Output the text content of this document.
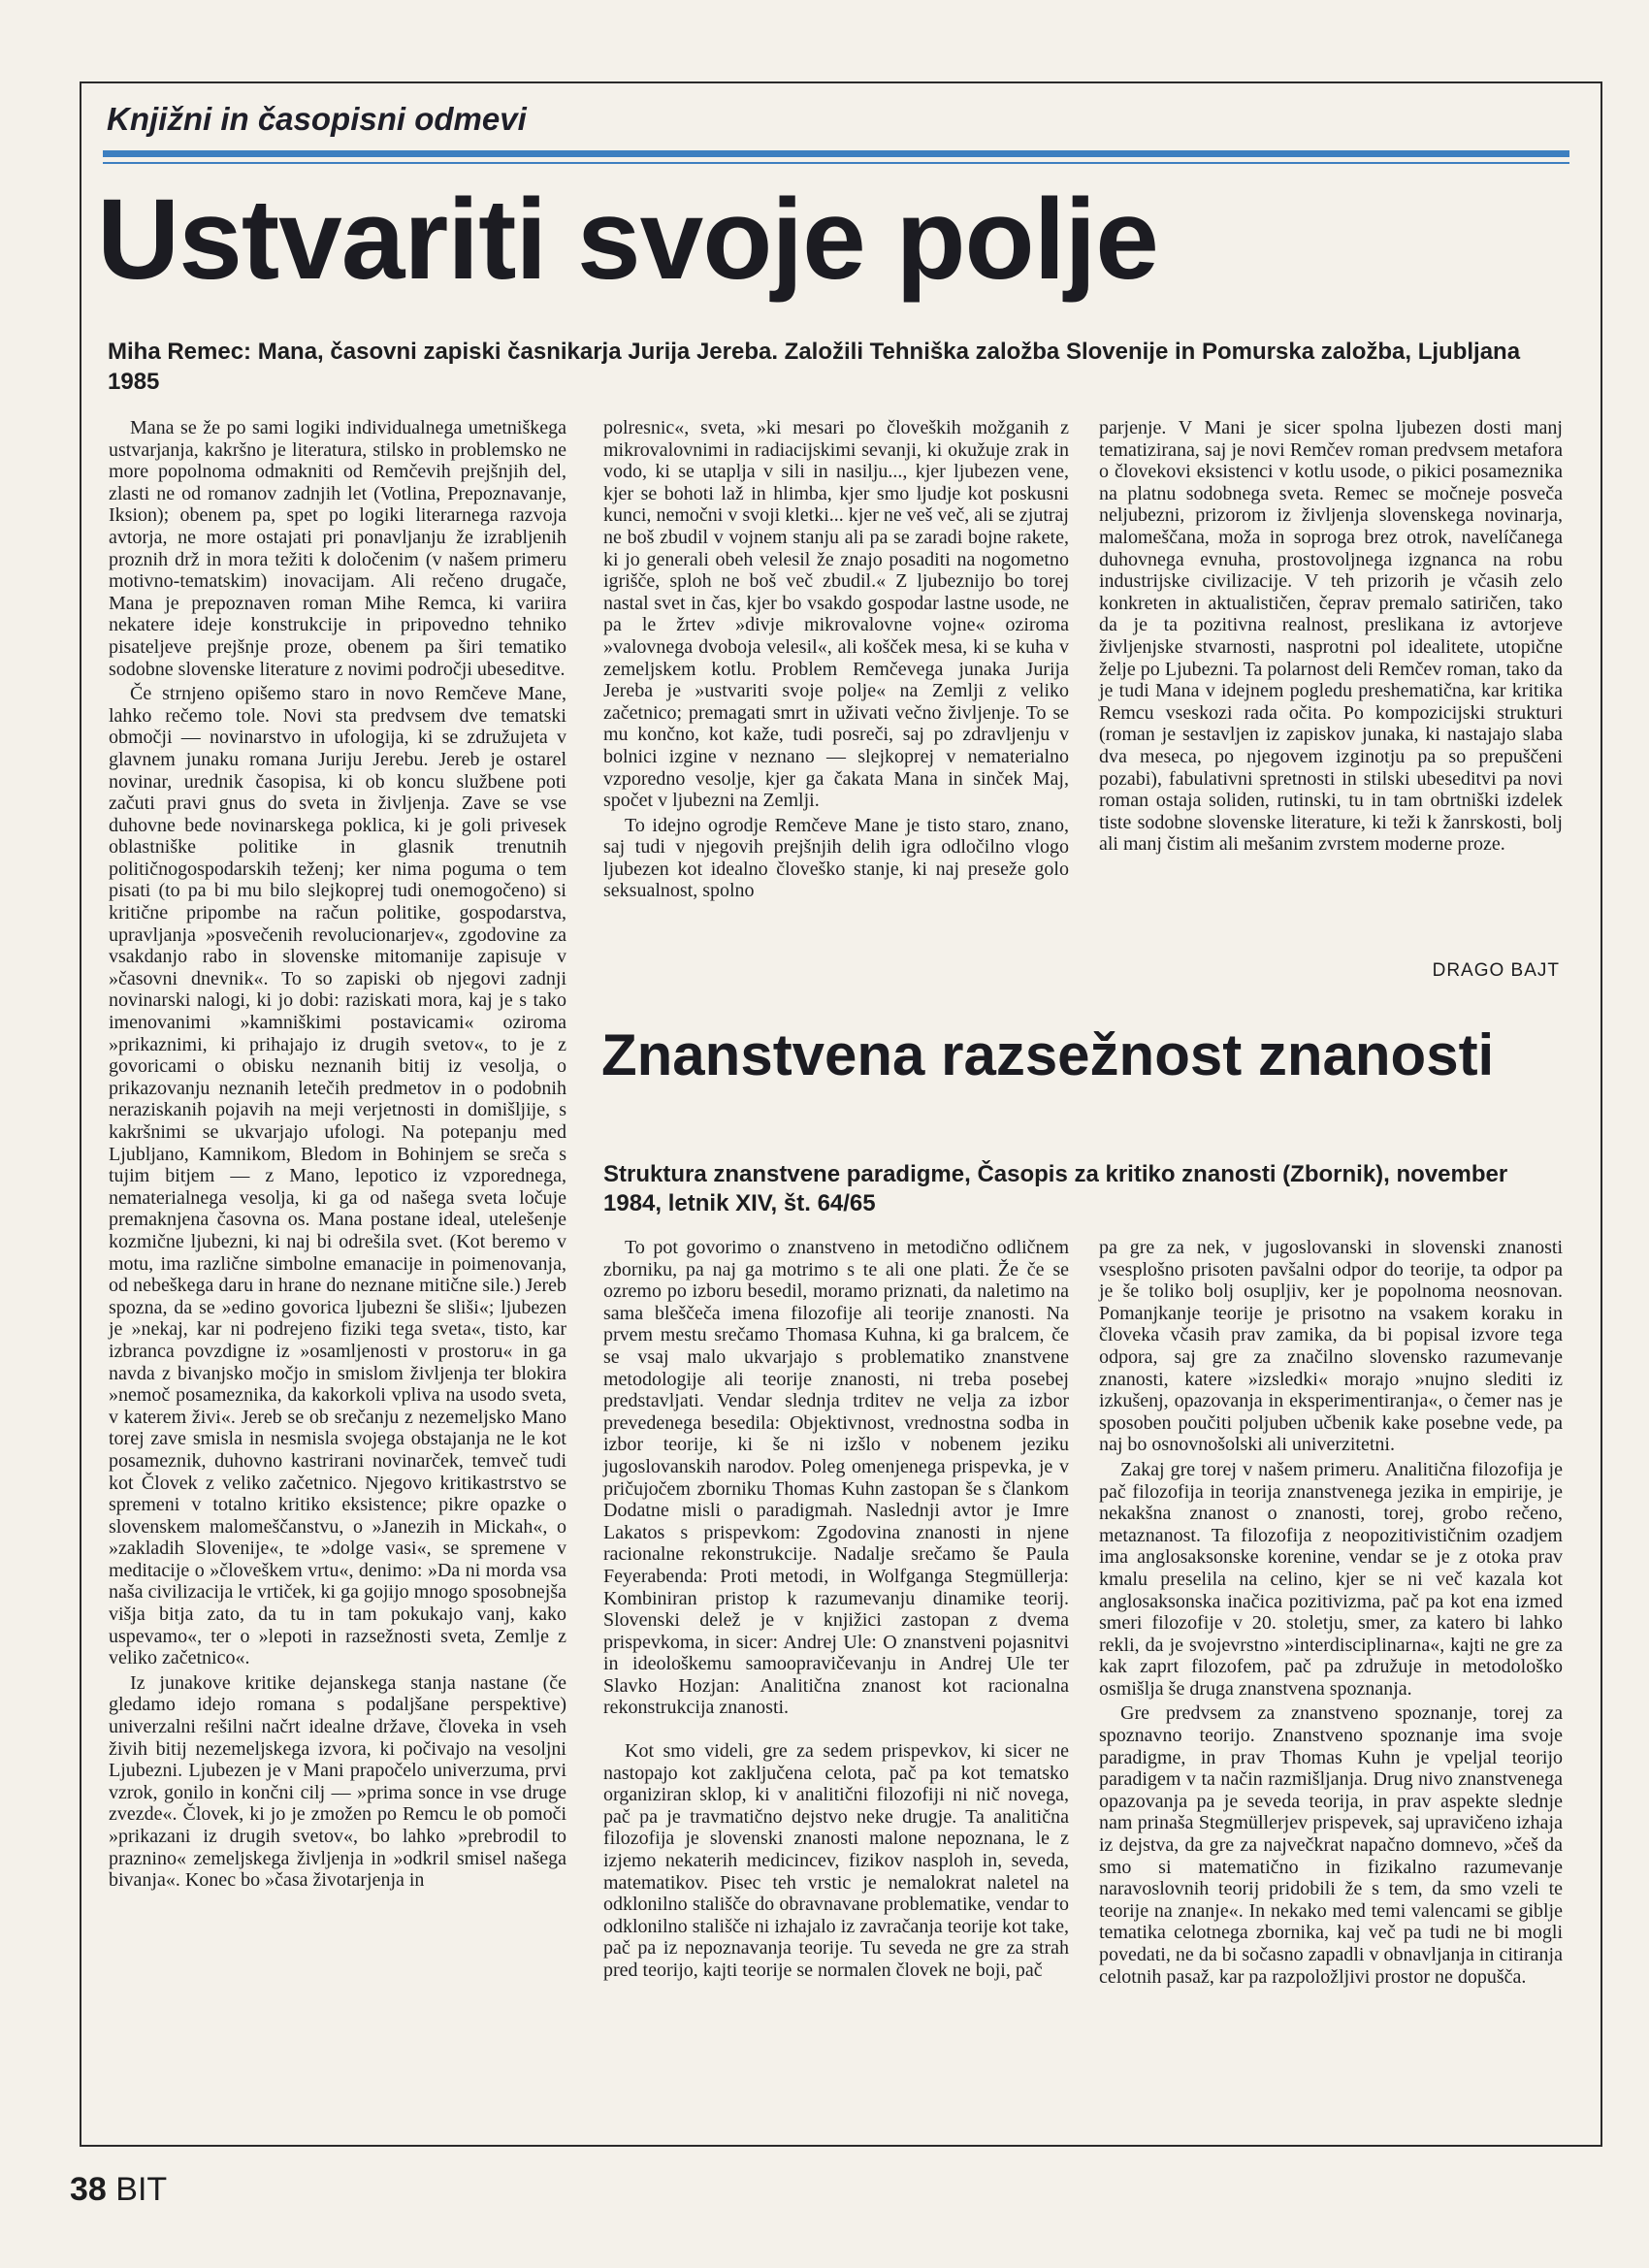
Knjižni in časopisni odmevi
Ustvariti svoje polje

Miha Remec: Mana, časovni zapiski časnikarja Jurija Jereba. Založili Tehniška založba Slovenije in Pomurska založba, Ljubljana 1985

Mana se že po sami logiki individualnega umetniškega ustvarjanja, kakršno je literatura, stilsko in problemsko ne more popolnoma odmakniti od Remčevih prejšnjih del, zlasti ne od romanov zadnjih let (Votlina, Prepoznavanje, Iksion); obenem pa, spet po logiki literarnega razvoja avtorja, ne more ostajati pri ponavljanju že izrabljenih proznih drž in mora težiti k določenim (v našem primeru motivno-tematskim) inovacijam. Ali rečeno drugače, Mana je prepoznaven roman Mihe Remca, ki variira nekatere ideje konstrukcije in pripovedno tehniko pisateljeve prejšnje proze, obenem pa širi tematiko sodobne slovenske literature z novimi področji ubeseditve.

Če strnjeno opišemo staro in novo Remčeve Mane, lahko rečemo tole. Novi sta predvsem dve tematski območji — novinarstvo in ufologija, ki se združujeta v glavnem junaku romana Juriju Jerebu. Jereb je ostarel novinar, urednik časopisa, ki ob koncu službene poti začuti pravi gnus do sveta in življenja. Zave se vse duhovne bede novinarskega poklica, ki je goli privesek oblastniške politike in glasnik trenutnih političnogospodarskih teženj; ker nima poguma o tem pisati (to pa bi mu bilo slejkoprej tudi onemogočeno) si kritične pripombe na račun politike, gospodarstva, upravljanja »posvečenih revolucionarjev«, zgodovine za vsakdanjo rabo in slovenske mitomanije zapisuje v »časovni dnevnik«. To so zapiski ob njegovi zadnji novinarski nalogi, ki jo dobi: raziskati mora, kaj je s tako imenovanimi »kamniškimi postavicami« oziroma »prikaznimi, ki prihajajo iz drugih svetov«, to je z govoricami o obisku neznanih bitij iz vesolja, o prikazovanju neznanih letečih predmetov in o podobnih neraziskanih pojavih na meji verjetnosti in domišljije, s kakršnimi se ukvarjajo ufologi. Na potepanju med Ljubljano, Kamnikom, Bledom in Bohinjem se sreča s tujim bitjem — z Mano, lepotico iz vzporednega, nematerialnega vesolja, ki ga od našega sveta ločuje premaknjena časovna os. Mana postane ideal, utelešenje kozmične ljubezni, ki naj bi odrešila svet. (Kot beremo v motu, ima različne simbolne emanacije in poimenovanja, od nebeškega daru in hrane do neznane mitične sile.) Jereb spozna, da se »edino govorica ljubezni še sliši«; ljubezen je »nekaj, kar ni podrejeno fiziki tega sveta«, tisto, kar izbranca povzdigne iz »osamljenosti v prostoru« in ga navda z bivanjsko močjo in smislom življenja ter blokira »nemoč posameznika, da kakorkoli vpliva na usodo sveta, v katerem živi«. Jereb se ob srečanju z nezemeljsko Mano torej zave smisla in nesmisla svojega obstajanja ne le kot posameznik, duhovno kastrirani novinarček, temveč tudi kot Človek z veliko začetnico. Njegovo kritikastrstvo se spremeni v totalno kritiko eksistence; pikre opazke o slovenskem malomeščanstvu, o »Janezih in Mickah«, o »zakladih Slovenije«, te »dolge vasi«, se spremene v meditacije o »človeškem vrtu«, denimo: »Da ni morda vsa naša civilizacija le vrtiček, ki ga gojijo mnogo sposobnejša višja bitja zato, da tu in tam pokukajo vanj, kako uspevamo«, ter o »lepoti in razsežnosti sveta, Zemlje z veliko začetnico«.

Iz junakove kritike dejanskega stanja nastane (če gledamo idejo romana s podaljšane perspektive) univerzalni rešilni načrt idealne države, človeka in vseh živih bitij nezemeljskega izvora, ki počivajo na vesoljni Ljubezni. Ljubezen je v Mani prapočelo univerzuma, prvi vzrok, gonilo in končni cilj — »prima sonce in vse druge zvezde«. Človek, ki jo je zmožen po Remcu le ob pomoči »prikazani iz drugih svetov«, bo lahko »prebrodil to praznino« zemeljskega življenja in »odkril smisel našega bivanja«. Konec bo »časa životarjenja in

polresnic«, sveta, »ki mesari po človeških možganih z mikrovalovnimi in radiacijskimi sevanji, ki okužuje zrak in vodo, ki se utaplja v sili in nasilju..., kjer ljubezen vene, kjer se bohoti laž in hlimba, kjer smo ljudje kot poskusni kunci, nemočni v svoji kletki... kjer ne veš več, ali se zjutraj ne boš zbudil v vojnem stanju ali pa se zaradi bojne rakete, ki jo generali obeh velesil že znajo posaditi na nogometno igrišče, sploh ne boš več zbudil.« Z ljubeznijo bo torej nastal svet in čas, kjer bo vsakdo gospodar lastne usode, ne pa le žrtev »divje mikrovalovne vojne« oziroma »valovnega dvoboja velesil«, ali košček mesa, ki se kuha v zemeljskem kotlu. Problem Remčevega junaka Jurija Jereba je »ustvariti svoje polje« na Zemlji z veliko začetnico; premagati smrt in uživati večno življenje. To se mu končno, kot kaže, tudi posreči, saj po zdravljenju v bolnici izgine v neznano — slejkoprej v nematerialno vzporedno vesolje, kjer ga čakata Mana in sinček Maj, spočet v ljubezni na Zemlji.

To idejno ogrodje Remčeve Mane je tisto staro, znano, saj tudi v njegovih prejšnjih delih igra odločilno vlogo ljubezen kot idealno človeško stanje, ki naj preseže golo seksualnost, spolno

parjenje. V Mani je sicer spolna ljubezen dosti manj tematizirana, saj je novi Remčev roman predvsem metafora o človekovi eksistenci v kotlu usode, o pikici posameznika na platnu sodobnega sveta. Remec se močneje posveča neljubezni, prizorom iz življenja slovenskega novinarja, malomeščana, moža in soproga brez otrok, navelíčanega duhovnega evnuha, prostovoljnega izgnanca na robu industrijske civilizacije. V teh prizorih je včasih zelo konkreten in aktualističen, čeprav premalo satiričen, tako da je ta pozitivna realnost, preslikana iz avtorjeve življenjske stvarnosti, nasprotni pol idealitete, utopične želje po Ljubezni. Ta polarnost deli Remčev roman, tako da je tudi Mana v idejnem pogledu preshematična, kar kritika Remcu vseskozi rada očita. Po kompozicijski strukturi (roman je sestavljen iz zapiskov junaka, ki nastajajo slaba dva meseca, po njegovem izginotju pa so prepuščeni pozabi), fabulativni spretnosti in stilski ubeseditvi pa novi roman ostaja soliden, rutinski, tu in tam obrtniški izdelek tiste sodobne slovenske literature, ki teži k žanrskosti, bolj ali manj čistim ali mešanim zvrstem moderne proze.

DRAGO BAJT
Znanstvena razsežnost znanosti

Struktura znanstvene paradigme, Časopis za kritiko znanosti (Zbornik), november 1984, letnik XIV, št. 64/65

To pot govorimo o znanstveno in metodično odličnem zborniku, pa naj ga motrimo s te ali one plati. Že če se ozremo po izboru besedil, moramo priznati, da naletimo na sama bleščeča imena filozofije ali teorije znanosti. Na prvem mestu srečamo Thomasa Kuhna, ki ga bralcem, če se vsaj malo ukvarjajo s problematiko znanstvene metodologije ali teorije znanosti, ni treba posebej predstavljati. Vendar slednja trditev ne velja za izbor prevedenega besedila: Objektivnost, vrednostna sodba in izbor teorije, ki še ni izšlo v nobenem jeziku jugoslovanskih narodov. Poleg omenjenega prispevka, je v pričujočem zborniku Thomas Kuhn zastopan še s člankom Dodatne misli o paradigmah. Naslednji avtor je Imre Lakatos s prispevkom: Zgodovina znanosti in njene racionalne rekonstrukcije. Nadalje srečamo še Paula Feyerabenda: Proti metodi, in Wolfganga Stegmüllerja: Kombiniran pristop k razumevanju dinamike teorij. Slovenski delež je v knjižici zastopan z dvema prispevkoma, in sicer: Andrej Ule: O znanstveni pojasnitvi in ideološkemu samoopravičevanju in Andrej Ule ter Slavko Hozjan: Analitična znanost kot racionalna rekonstrukcija znanosti.

Kot smo videli, gre za sedem prispevkov, ki sicer ne nastopajo kot zaključena celota, pač pa kot tematsko organiziran sklop, ki v analitični filozofiji ni nič novega, pač pa je travmatično dejstvo neke drugje. Ta analitična filozofija je slovenski znanosti malone nepoznana, le z izjemo nekaterih medicincev, fizikov nasploh in, seveda, matematikov. Pisec teh vrstic je nemalokrat naletel na odklonilno stališče do obravnavane problematike, vendar to odklonilno stališče ni izhajalo iz zavračanja teorije kot take, pač pa iz nepoznavanja teorije. Tu seveda ne gre za strah pred teorijo, kajti teorije se normalen človek ne boji, pač

pa gre za nek, v jugoslovanski in slovenski znanosti vsesplošno prisoten pavšalni odpor do teorije, ta odpor pa je še toliko bolj osupljiv, ker je popolnoma neosnovan. Pomanjkanje teorije je prisotno na vsakem koraku in človeka včasih prav zamika, da bi popisal izvore tega odpora, saj gre za značilno slovensko razumevanje znanosti, katere »izsledki« morajo »nujno slediti iz izkušenj, opazovanja in eksperimentiranja«, o čemer nas je sposoben poučiti poljuben učbenik kake posebne vede, pa naj bo osnovnošolski ali univerzitetni.

Zakaj gre torej v našem primeru. Analitična filozofija je pač filozofija in teorija znanstvenega jezika in empirije, je nekakšna znanost o znanosti, torej, grobo rečeno, metaznanost. Ta filozofija z neopozitivističnim ozadjem ima anglosaksonske korenine, vendar se je z otoka prav kmalu preselila na celino, kjer se ni več kazala kot anglosaksonska inačica pozitivizma, pač pa kot ena izmed smeri filozofije v 20. stoletju, smer, za katero bi lahko rekli, da je svojevrstno »interdisciplinarna«, kajti ne gre za kak zaprt filozofem, pač pa združuje in metodološko osmišlja še druga znanstvena spoznanja.

Gre predvsem za znanstveno spoznanje, torej za spoznavno teorijo. Znanstveno spoznanje ima svoje paradigme, in prav Thomas Kuhn je vpeljal teorijo paradigem v ta način razmišljanja. Drug nivo znanstvenega opazovanja pa je seveda teorija, in prav aspekte slednje nam prinaša Stegmüllerjev prispevek, saj upravičeno izhaja iz dejstva, da gre za največkrat napačno domnevo, »češ da smo si matematično in fizikalno razumevanje naravoslovnih teorij pridobili že s tem, da smo vzeli te teorije na znanje«. In nekako med temi valencami se giblje tematika celotnega zbornika, kaj več pa tudi ne bi mogli povedati, ne da bi sočasno zapadli v obnavljanja in citiranja celotnih pasaž, kar pa razpoložljivi prostor ne dopušča.

38 BIT
